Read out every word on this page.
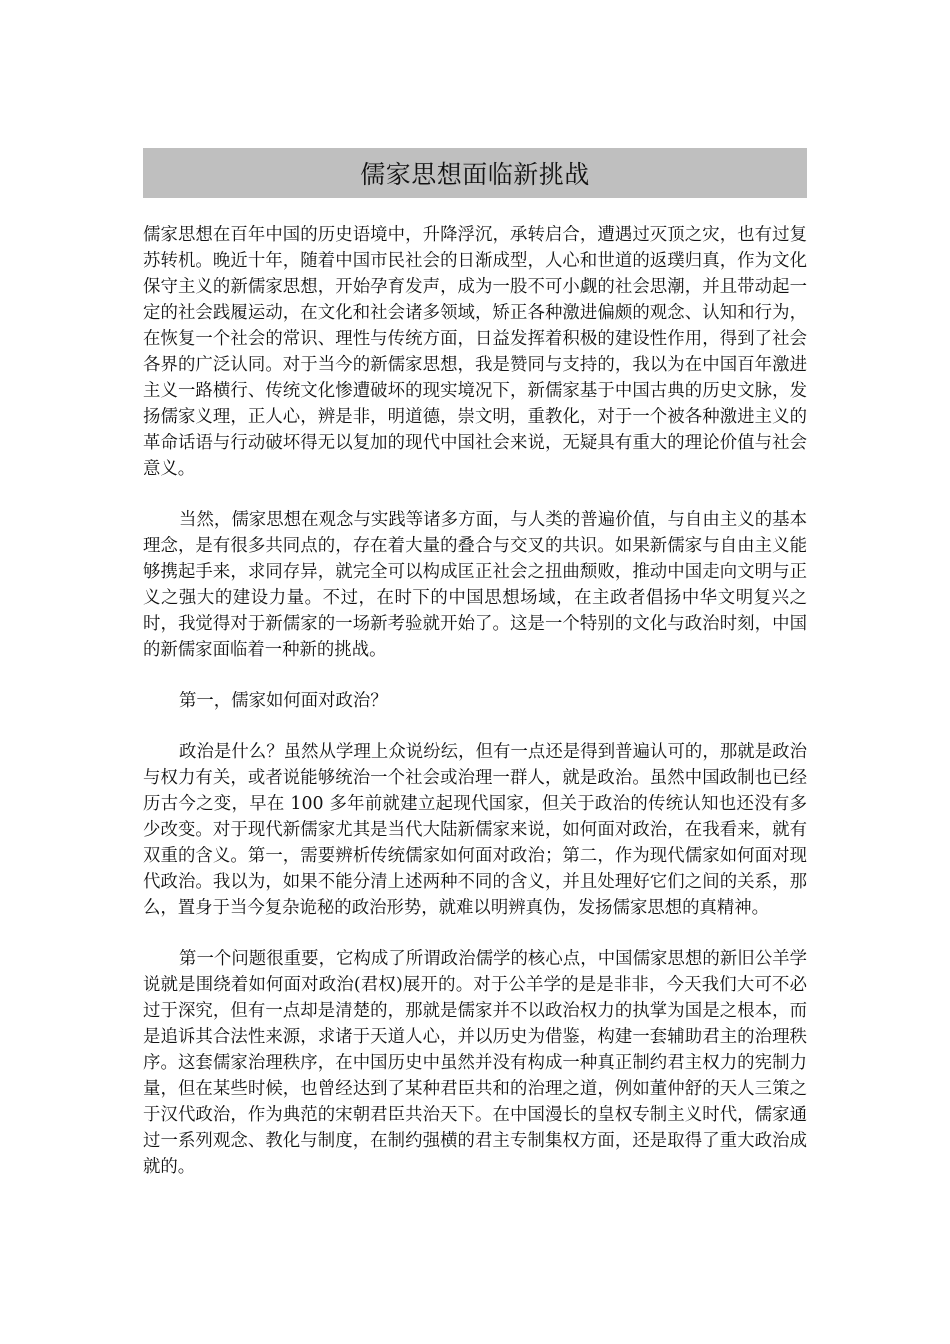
儒家思想面临新挑战

儒家思想在百年中国的历史语境中，升降浮沉，承转启合，遭遇过灭顶之灾，也有过复苏转机。晚近十年，随着中国市民社会的日渐成型，人心和世道的返璞归真，作为文化保守主义的新儒家思想，开始孕育发声，成为一股不可小觑的社会思潮，并且带动起一定的社会践履运动，在文化和社会诸多领域，矫正各种激进偏颇的观念、认知和行为，在恢复一个社会的常识、理性与传统方面，日益发挥着积极的建设性作用，得到了社会各界的广泛认同。对于当今的新儒家思想，我是赞同与支持的，我以为在中国百年激进主义一路横行、传统文化惨遭破坏的现实境况下，新儒家基于中国古典的历史文脉，发扬儒家义理，正人心，辨是非，明道德，崇文明，重教化，对于一个被各种激进主义的革命话语与行动破坏得无以复加的现代中国社会来说，无疑具有重大的理论价值与社会意义。

当然，儒家思想在观念与实践等诸多方面，与人类的普遍价值，与自由主义的基本理念，是有很多共同点的，存在着大量的叠合与交叉的共识。如果新儒家与自由主义能够携起手来，求同存异，就完全可以构成匡正社会之扭曲颓败，推动中国走向文明与正义之强大的建设力量。不过，在时下的中国思想场域，在主政者倡扬中华文明复兴之时，我觉得对于新儒家的一场新考验就开始了。这是一个特别的文化与政治时刻，中国的新儒家面临着一种新的挑战。

第一，儒家如何面对政治？

政治是什么？虽然从学理上众说纷纭，但有一点还是得到普遍认可的，那就是政治与权力有关，或者说能够统治一个社会或治理一群人，就是政治。虽然中国政制也已经历古今之变，早在 100 多年前就建立起现代国家，但关于政治的传统认知也还没有多少改变。对于现代新儒家尤其是当代大陆新儒家来说，如何面对政治，在我看来，就有双重的含义。第一，需要辨析传统儒家如何面对政治；第二，作为现代儒家如何面对现代政治。我以为，如果不能分清上述两种不同的含义，并且处理好它们之间的关系，那么，置身于当今复杂诡秘的政治形势，就难以明辨真伪，发扬儒家思想的真精神。

第一个问题很重要，它构成了所谓政治儒学的核心点，中国儒家思想的新旧公羊学说就是围绕着如何面对政治(君权)展开的。对于公羊学的是是非非，今天我们大可不必过于深究，但有一点却是清楚的，那就是儒家并不以政治权力的执掌为国是之根本，而是追诉其合法性来源，求诸于天道人心，并以历史为借鉴，构建一套辅助君主的治理秩序。这套儒家治理秩序，在中国历史中虽然并没有构成一种真正制约君主权力的宪制力量，但在某些时候，也曾经达到了某种君臣共和的治理之道，例如董仲舒的天人三策之于汉代政治，作为典范的宋朝君臣共治天下。在中国漫长的皇权专制主义时代，儒家通过一系列观念、教化与制度，在制约强横的君主专制集权方面，还是取得了重大政治成就的。
